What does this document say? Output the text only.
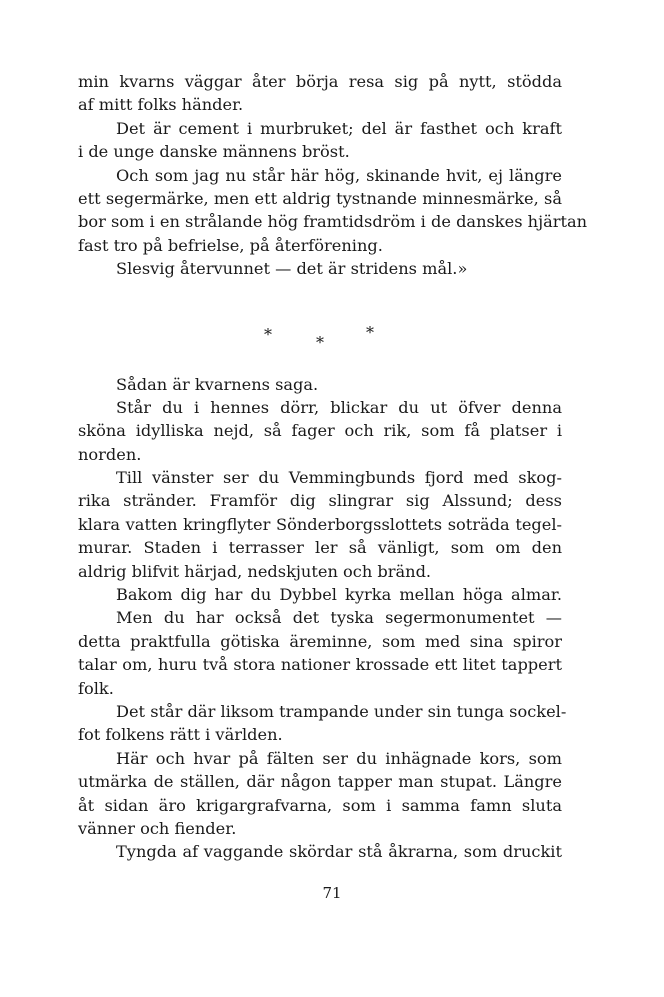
min kvarns väggar åter börja resa sig på nytt, stödda
af mitt folks händer.
Det är cement i murbruket; del är fasthet och kraft
i de unge danske männens bröst.
Och som jag nu står här hög, skinande hvit, ej längre
ett segermärke, men ett aldrig tystnande minnesmärke, så
bor som i en strålande hög framtidsdröm i de danskes hjärtan
fast tro på befrielse, på återförening.
Slesvig återvunnet — det är stridens mål.»
*	*
*
Sådan är kvarnens saga.
Står du i hennes dörr, blickar du ut öfver denna
sköna idylliska nejd, så fager och rik, som få platser i
norden.
Till vänster ser du Vemmingbunds fjord med skog-
rika stränder. Framför dig slingrar sig Alssund; dess
klara vatten kringflyter Sönderborgsslottets soträda tegel-
murar. Staden i terrasser ler så vänligt, som om den
aldrig blifvit härjad, nedskjuten och bränd.
Bakom dig har du Dybbel kyrka mellan höga almar.
Men du har också det tyska segermonumentet —
detta praktfulla götiska äreminne, som med sina spiror
talar om, huru två stora nationer krossade ett litet tappert
folk.
Det står där liksom trampande under sin tunga sockel-
fot folkens rätt i världen.
Här och hvar på fälten ser du inhägnade kors, som
utmärka de ställen, där någon tapper man stupat. Längre
åt sidan äro krigargrafvarna, som i samma famn sluta
vänner och fiender.
Tyngda af vaggande skördar stå åkrarna, som druckit
71
